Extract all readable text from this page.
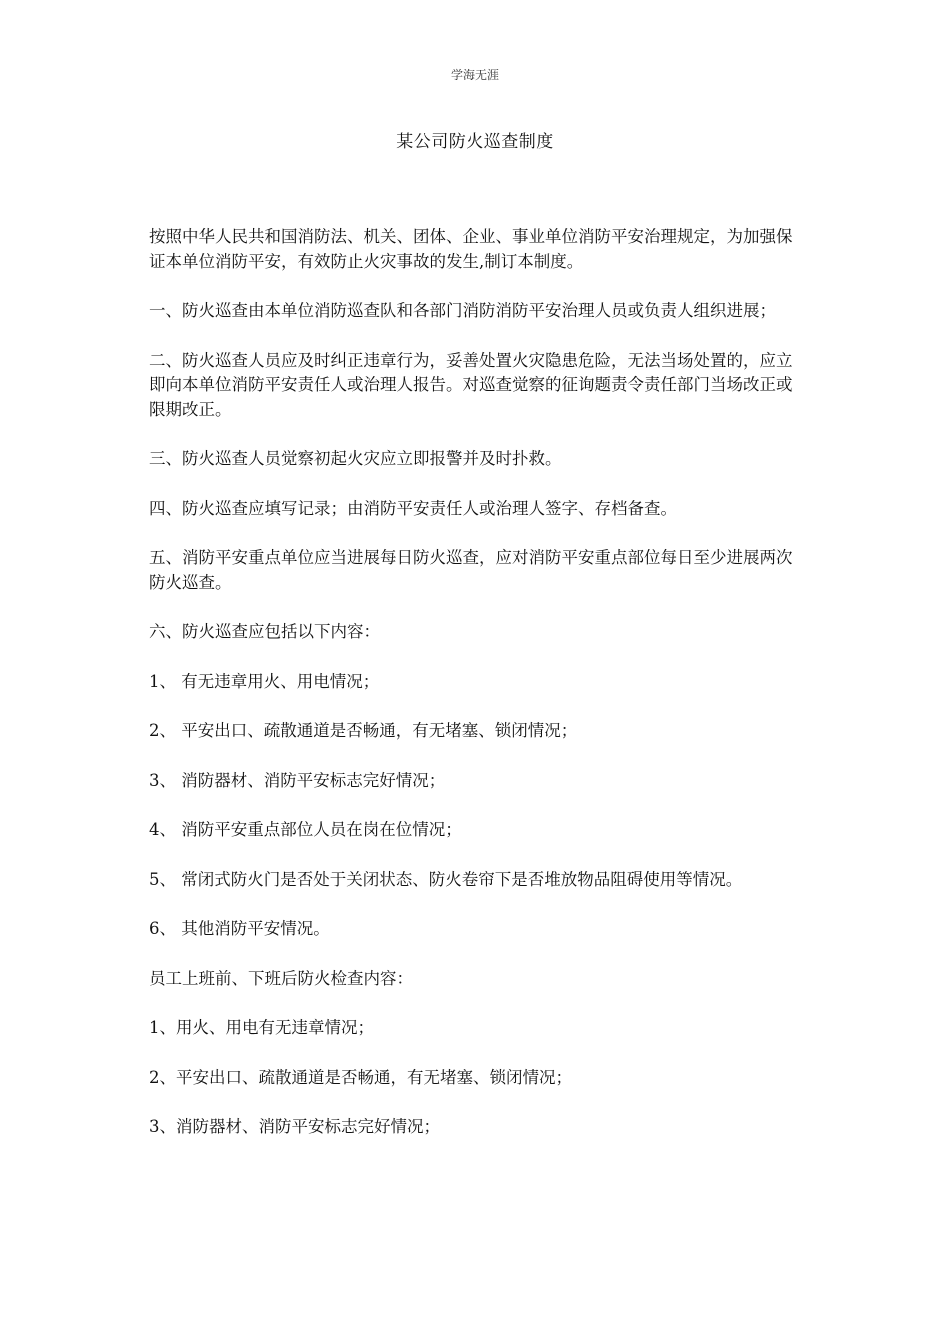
学海无涯
某公司防火巡查制度

按照中华人民共和国消防法、机关、团体、企业、事业单位消防平安治理规定，为加强保证本单位消防平安，有效防止火灾事故的发生,制订本制度。

一、防火巡查由本单位消防巡查队和各部门消防消防平安治理人员或负责人组织进展；

二、防火巡查人员应及时纠正违章行为，妥善处置火灾隐患危险，无法当场处置的，应立即向本单位消防平安责任人或治理人报告。对巡查觉察的征询题责令责任部门当场改正或限期改正。

三、防火巡查人员觉察初起火灾应立即报警并及时扑救。

四、防火巡查应填写记录；由消防平安责任人或治理人签字、存档备查。

五、消防平安重点单位应当进展每日防火巡查，应对消防平安重点部位每日至少进展两次防火巡查。

六、防火巡查应包括以下内容：

1、 有无违章用火、用电情况；

2、 平安出口、疏散通道是否畅通，有无堵塞、锁闭情况；

3、 消防器材、消防平安标志完好情况；

4、 消防平安重点部位人员在岗在位情况；

5、 常闭式防火门是否处于关闭状态、防火卷帘下是否堆放物品阻碍使用等情况。

6、 其他消防平安情况。

员工上班前、下班后防火检查内容：

1、用火、用电有无违章情况；

2、平安出口、疏散通道是否畅通，有无堵塞、锁闭情况；

3、消防器材、消防平安标志完好情况；
